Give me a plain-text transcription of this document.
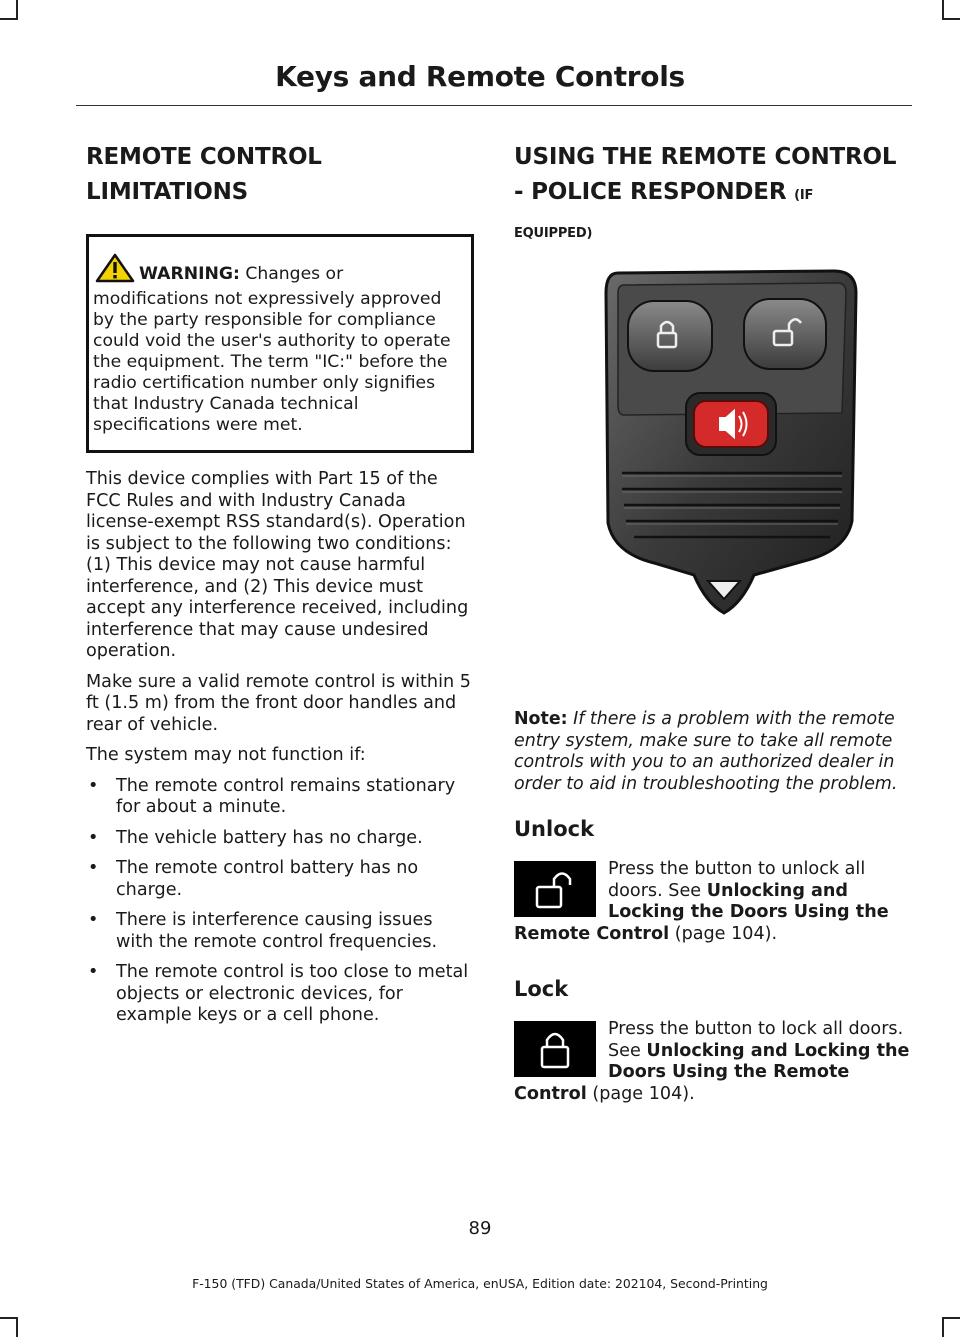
Keys and Remote Controls
REMOTE CONTROL
LIMITATIONS
WARNING: Changes or modifications not expressively approved by the party responsible for compliance could void the user's authority to operate the equipment. The term "IC:" before the radio certification number only signifies that Industry Canada technical specifications were met.

This device complies with Part 15 of the FCC Rules and with Industry Canada license-exempt RSS standard(s). Operation is subject to the following two conditions: (1) This device may not cause harmful interference, and (2) This device must accept any interference received, including interference that may cause undesired operation.

Make sure a valid remote control is within 5 ft (1.5 m) from the front door handles and rear of vehicle.

The system may not function if:

• The remote control remains stationary for about a minute.
• The vehicle battery has no charge.
• The remote control battery has no charge.
• There is interference causing issues with the remote control frequencies.
• The remote control is too close to metal objects or electronic devices, for example keys or a cell phone.
USING THE REMOTE CONTROL
- POLICE RESPONDER (IF
EQUIPPED)

Note: If there is a problem with the remote entry system, make sure to take all remote controls with you to an authorized dealer in order to aid in troubleshooting the problem.

Unlock
Press the button to unlock all doors. See Unlocking and Locking the Doors Using the Remote Control (page 104).
Lock
Press the button to lock all doors. See Unlocking and Locking the Doors Using the Remote Control (page 104).
89
F-150 (TFD) Canada/United States of America, enUSA, Edition date: 202104, Second-Printing
